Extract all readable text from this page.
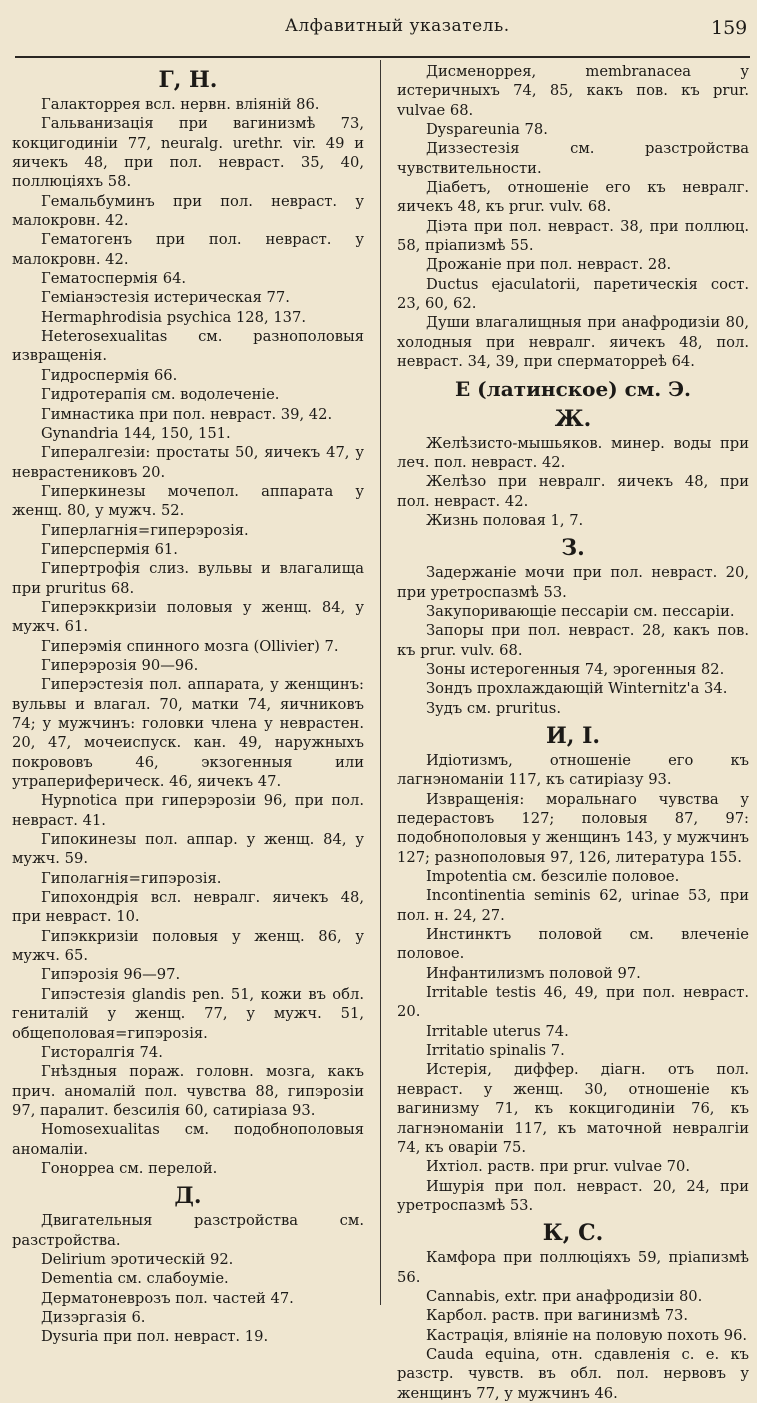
Алфавитный указатель.	159
Г, Н.

Галакторрея всл. нервн. вліяній 86.

Гальванизація при вагинизмѣ 73, кокцигодиніи 77, neuralg. urethr. vir. 49 и яичекъ 48, при пол. неврaст. 35, 40, поллюціяхъ 58.

Гемальбуминъ при пол. неврaст. у малокровн. 42.

Гематогенъ при пол. неврaст. у малокровн. 42.

Гематоспермія 64.

Геміанэстезія истерическая 77.

Hermaphrodisia psychica 128, 137.

Heterosexualitas см. разнополовыя извращенія.

Гидроспермія 66.

Гидротерапія см. водолеченіе.

Гимнастика при пол. неврaст. 39, 42.

Gynandria 144, 150, 151.

Гипералгезіи: простаты 50, яичекъ 47, у неврастениковъ 20.

Гиперкинезы мочепол. аппарата у женщ. 80, у мужч. 52.

Гиперлагнія=гиперэрозія.

Гиперспермія 61.

Гипертрофія слиз. вульвы и влагалища при pruritus 68.

Гиперэккризіи половыя у женщ. 84, у мужч. 61.

Гиперэмія спинного мозга (Ollivier) 7.

Гиперэрозія 90—96.

Гиперэстезія пол. аппарата, у женщинъ: вульвы и влагал. 70, матки 74, яичниковъ 74; у мужчинъ: головки члена у неврастен. 20, 47, мочеиспуск. кан. 49, наружныхъ покрововъ 46, экзогенныя или утрапериферическ. 46, яичекъ 47.

Hypnotica при гиперэрозіи 96, при пол. неврaст. 41.

Гипокинезы пол. аппар. у женщ. 84, у мужч. 59.

Гиполагнія=гипэрозія.

Гипохондрія всл. неврaлг. яичекъ 48, при неврaст. 10.

Гипэккризіи половыя у женщ. 86, у мужч. 65.

Гипэрозія 96—97.

Гипэстезія glandis pen. 51, кожи въ обл. гениталій у женщ. 77, у мужч. 51, общеполовая=гипэрозія.

Гисторалгія 74.

Гнѣздныя пораж. головн. мозга, какъ прич. аномалій пол. чувства 88, гипэрозіи 97, паралит. безсилія 60, сатиріаза 93.

Homosexualitas см. подобнополовыя аномаліи.

Гонорреа см. перелой.

Д.

Двигательныя разстройства см. разстройства.

Delirium эротическій 92.

Dementia см. слабоуміе.

Дерматоневрозъ пол. частей 47.

Дизэргазія 6.

Dysuria при пол. неврaст. 19.

Дисменоррея, membranacea у истеричныхъ 74, 85, какъ пов. къ prur. vulvae 68.

Dyspareunia 78.

Диззестезія см. разстройства чувствительности.

Діабетъ, отношеніе его къ неврaлг. яичекъ 48, къ prur. vulv. 68.

Діэта при пол. неврaст. 38, при поллюц. 58, пріапизмѣ 55.

Дрожаніе при пол. неврaст. 28.

Ductus ejaculatorii, паретическія сост. 23, 60, 62.

Души влагалищныя при анафродизіи 80, холодныя при неврaлг. яичекъ 48, пол. неврaст. 34, 39, при сперматорреѣ 64.

Е (латинское) см. Э.
Ж.

Желѣзисто-мышьяков. минер. воды при леч. пол. неврaст. 42.

Желѣзо при неврaлг. яичекъ 48, при пол. неврaст. 42.

Жизнь половая 1, 7.

З.

Задержаніе мочи при пол. неврaст. 20, при уретроспазмѣ 53.

Закупоривающіе пессаріи см. пессаріи.

Запоры при пол. неврaст. 28, какъ пов. къ prur. vulv. 68.

Зоны истерогенныя 74, эрогенныя 82.

Зондъ прохлаждающій Winternitz'а 34.

Зудъ см. pruritus.

И, І.

Идіотизмъ, отношеніе его къ лагнэноманіи 117, къ сатиріазу 93.

Извращенія: моральнаго чувства у педерастовъ 127; половыя 87, 97: подобнополовыя у женщинъ 143, у мужчинъ 127; разнополовыя 97, 126, литература 155.

Impotentia см. безсиліе половое.

Incontinentia seminis 62, urinae 53, при пол. н. 24, 27.

Инстинктъ половой см. влеченіе половое.

Инфантилизмъ половой 97.

Irritable testis 46, 49, при пол. неврaст. 20.

Irritable uterus 74.

Irritatio spinalis 7.

Истерія, диффер. діагн. отъ пол. неврaст. у женщ. 30, отношеніе къ вагинизму 71, къ кокцигодиніи 76, къ лагнэноманіи 117, къ маточной неврaлгіи 74, къ оваріи 75.

Ихтіол. раств. при prur. vulvae 70.

Ишурія при пол. неврaст. 20, 24, при уретроспазмѣ 53.

К, С.

Камфора при поллюціяхъ 59, пріапизмѣ 56.

Cannabis, extr. при анафродизіи 80.

Карбол. раств. при вагинизмѣ 73.

Кастрація, вліяніе на половую похоть 96.

Cauda equina, отн. сдавленія с. е. къ разстр. чувств. въ обл. пол. нервовъ у женщинъ 77, у мужчинъ 46.
